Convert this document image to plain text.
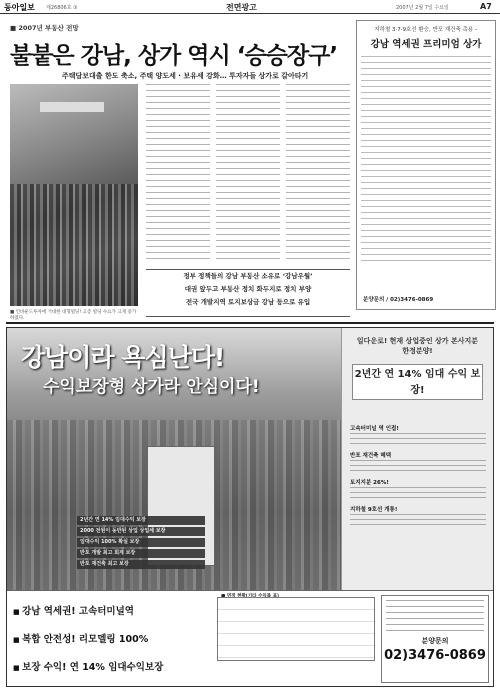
동아일보 제26806호 ③	전면광고	2007년 2월 7일 수요일	A7
■ 2007년 부동산 전망
불붙은 강남, 상가 역시 ‘승승장구’
주택담보대출 한도 축소, 주택 양도세 · 보유세 강화… 투자자들 상가로 갈아타기
■ 인바운드투자에 거대한 대형빌딩! 고층 빌딩 수요가 크게 증가하였다.

정부 정책들의 강남 부동산 소유로 ‘강남우월’

대권 앞두고 부동산 정치 화두지로 정치 부양

전국 개발지역 토지보상금 강남 등으로 유입

지하철 3·7·9호선 환승, 반포 재건축 촉용 –
강남 역세권 프리미엄 상가
분양문의 / 02)3476-0869
강남이라 욕심난다!
수익보장형 상가라 안심이다!
2년간 연 14% 임대수익 보장
2000 전원이 동반된 상업 상업세 보장
임대수익 100% 확실 보장
반포 개발 최고 회계 보장
반포 재건축 최고 보장
일다운로! 현재 상업중인 상가 본사지분 한정분양!
2년간 연 14% 임대 수익 보장!
고속터미널 역 인접!
반포 재건축 혜택
토지지분 26%!
지하철 9호선 개통!
■ 강남 역세권! 고속터미널역
■ 복합 안전성! 리모델링 100%
■ 보장 수익! 연 14% 임대수익보장
분양문의
02)3476-0869
